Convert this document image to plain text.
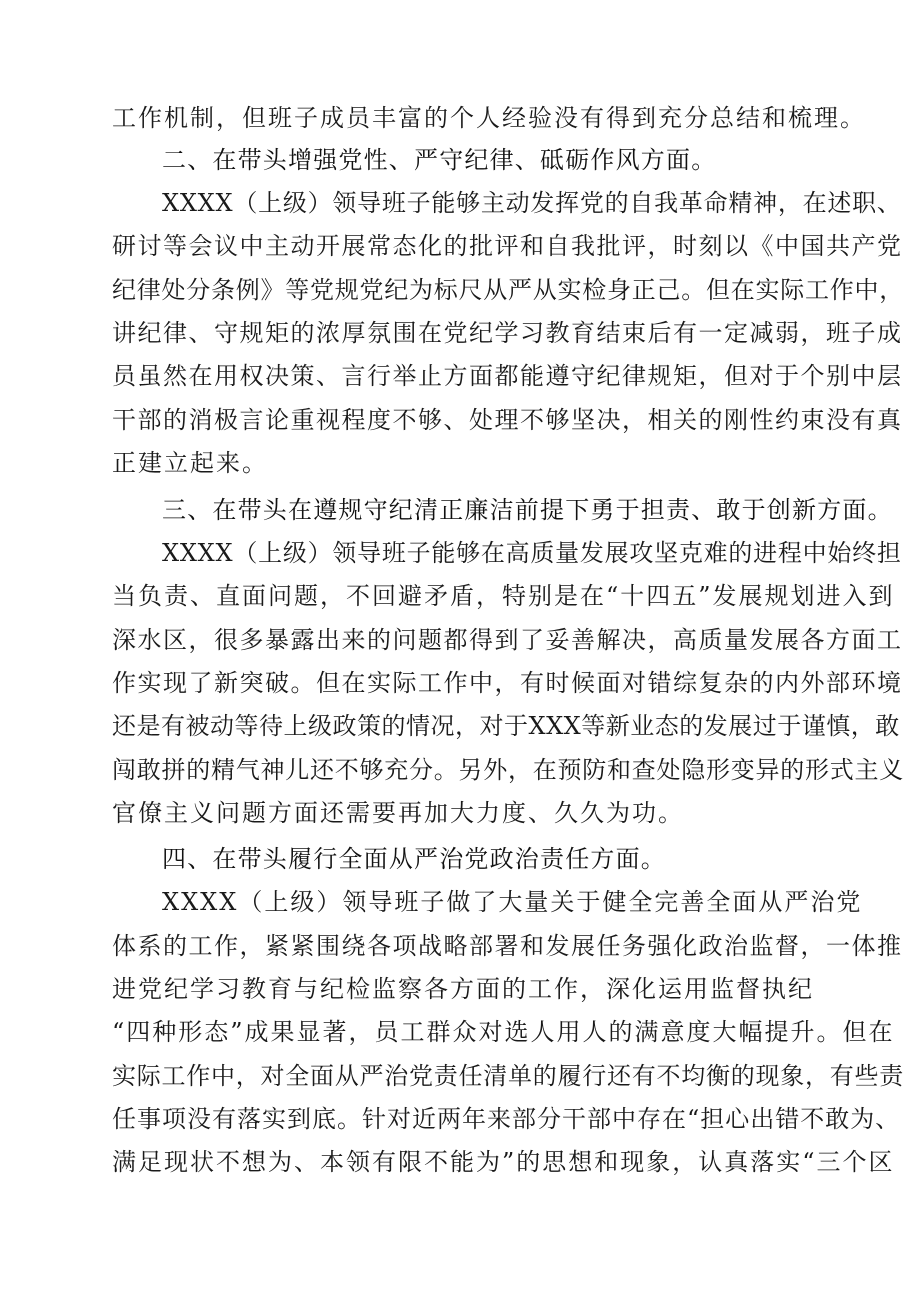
工作机制，但班子成员丰富的个人经验没有得到充分总结和梳理。
二、在带头增强党性、严守纪律、砥砺作风方面。
XXXX（上级）领导班子能够主动发挥党的自我革命精神，在述职、
研讨等会议中主动开展常态化的批评和自我批评，时刻以《中国共产党
纪律处分条例》等党规党纪为标尺从严从实检身正己。但在实际工作中，
讲纪律、守规矩的浓厚氛围在党纪学习教育结束后有一定减弱，班子成
员虽然在用权决策、言行举止方面都能遵守纪律规矩，但对于个别中层
干部的消极言论重视程度不够、处理不够坚决，相关的刚性约束没有真
正建立起来。
三、在带头在遵规守纪清正廉洁前提下勇于担责、敢于创新方面。
XXXX（上级）领导班子能够在高质量发展攻坚克难的进程中始终担
当负责、直面问题，不回避矛盾，特别是在“十四五”发展规划进入到
深水区，很多暴露出来的问题都得到了妥善解决，高质量发展各方面工
作实现了新突破。但在实际工作中，有时候面对错综复杂的内外部环境
还是有被动等待上级政策的情况，对于XXX等新业态的发展过于谨慎，敢
闯敢拼的精气神儿还不够充分。另外，在预防和查处隐形变异的形式主义
官僚主义问题方面还需要再加大力度、久久为功。
四、在带头履行全面从严治党政治责任方面。
XXXX（上级）领导班子做了大量关于健全完善全面从严治党
体系的工作，紧紧围绕各项战略部署和发展任务强化政治监督，一体推
进党纪学习教育与纪检监察各方面的工作，深化运用监督执纪
“四种形态”成果显著，员工群众对选人用人的满意度大幅提升。但在
实际工作中，对全面从严治党责任清单的履行还有不均衡的现象，有些责
任事项没有落实到底。针对近两年来部分干部中存在“担心出错不敢为、
满足现状不想为、本领有限不能为”的思想和现象，认真落实“三个区
